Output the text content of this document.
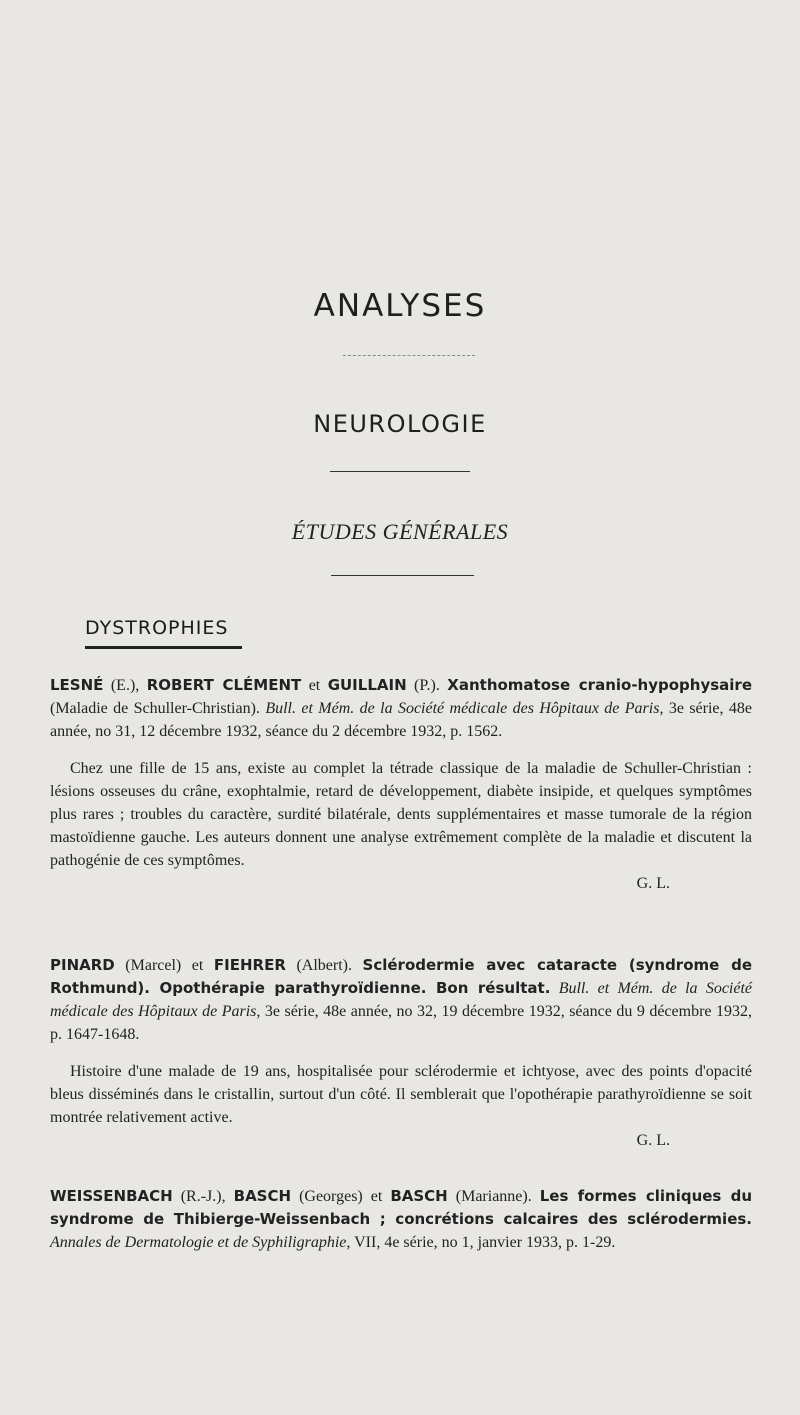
ANALYSES
NEUROLOGIE
ÉTUDES GÉNÉRALES
DYSTROPHIES
LESNÉ (E.), ROBERT CLÉMENT et GUILLAIN (P.). Xanthomatose cranio-hypophysaire (Maladie de Schuller-Christian). Bull. et Mém. de la Société médicale des Hôpitaux de Paris, 3e série, 48e année, no 31, 12 décembre 1932, séance du 2 décembre 1932, p. 1562.
Chez une fille de 15 ans, existe au complet la tétrade classique de la maladie de Schuller-Christian : lésions osseuses du crâne, exophtalmie, retard de développement, diabète insipide, et quelques symptômes plus rares ; troubles du caractère, surdité bilatérale, dents supplémentaires et masse tumorale de la région mastoïdienne gauche. Les auteurs donnent une analyse extrêmement complète de la maladie et discutent la pathogénie de ces symptômes.
G. L.
PINARD (Marcel) et FIEHRER (Albert). Sclérodermie avec cataracte (syndrome de Rothmund). Opothérapie parathyroïdienne. Bon résultat. Bull. et Mém. de la Société médicale des Hôpitaux de Paris, 3e série, 48e année, no 32, 19 décembre 1932, séance du 9 décembre 1932, p. 1647-1648.
Histoire d'une malade de 19 ans, hospitalisée pour sclérodermie et ichtyose, avec des points d'opacité bleus disséminés dans le cristallin, surtout d'un côté. Il semblerait que l'opothérapie parathyroïdienne se soit montrée relativement active.
G. L.
WEISSENBACH (R.-J.), BASCH (Georges) et BASCH (Marianne). Les formes cliniques du syndrome de Thibierge-Weissenbach ; concrétions calcaires des sclérodermies. Annales de Dermatologie et de Syphiligraphie, VII, 4e série, no 1, janvier 1933, p. 1-29.
